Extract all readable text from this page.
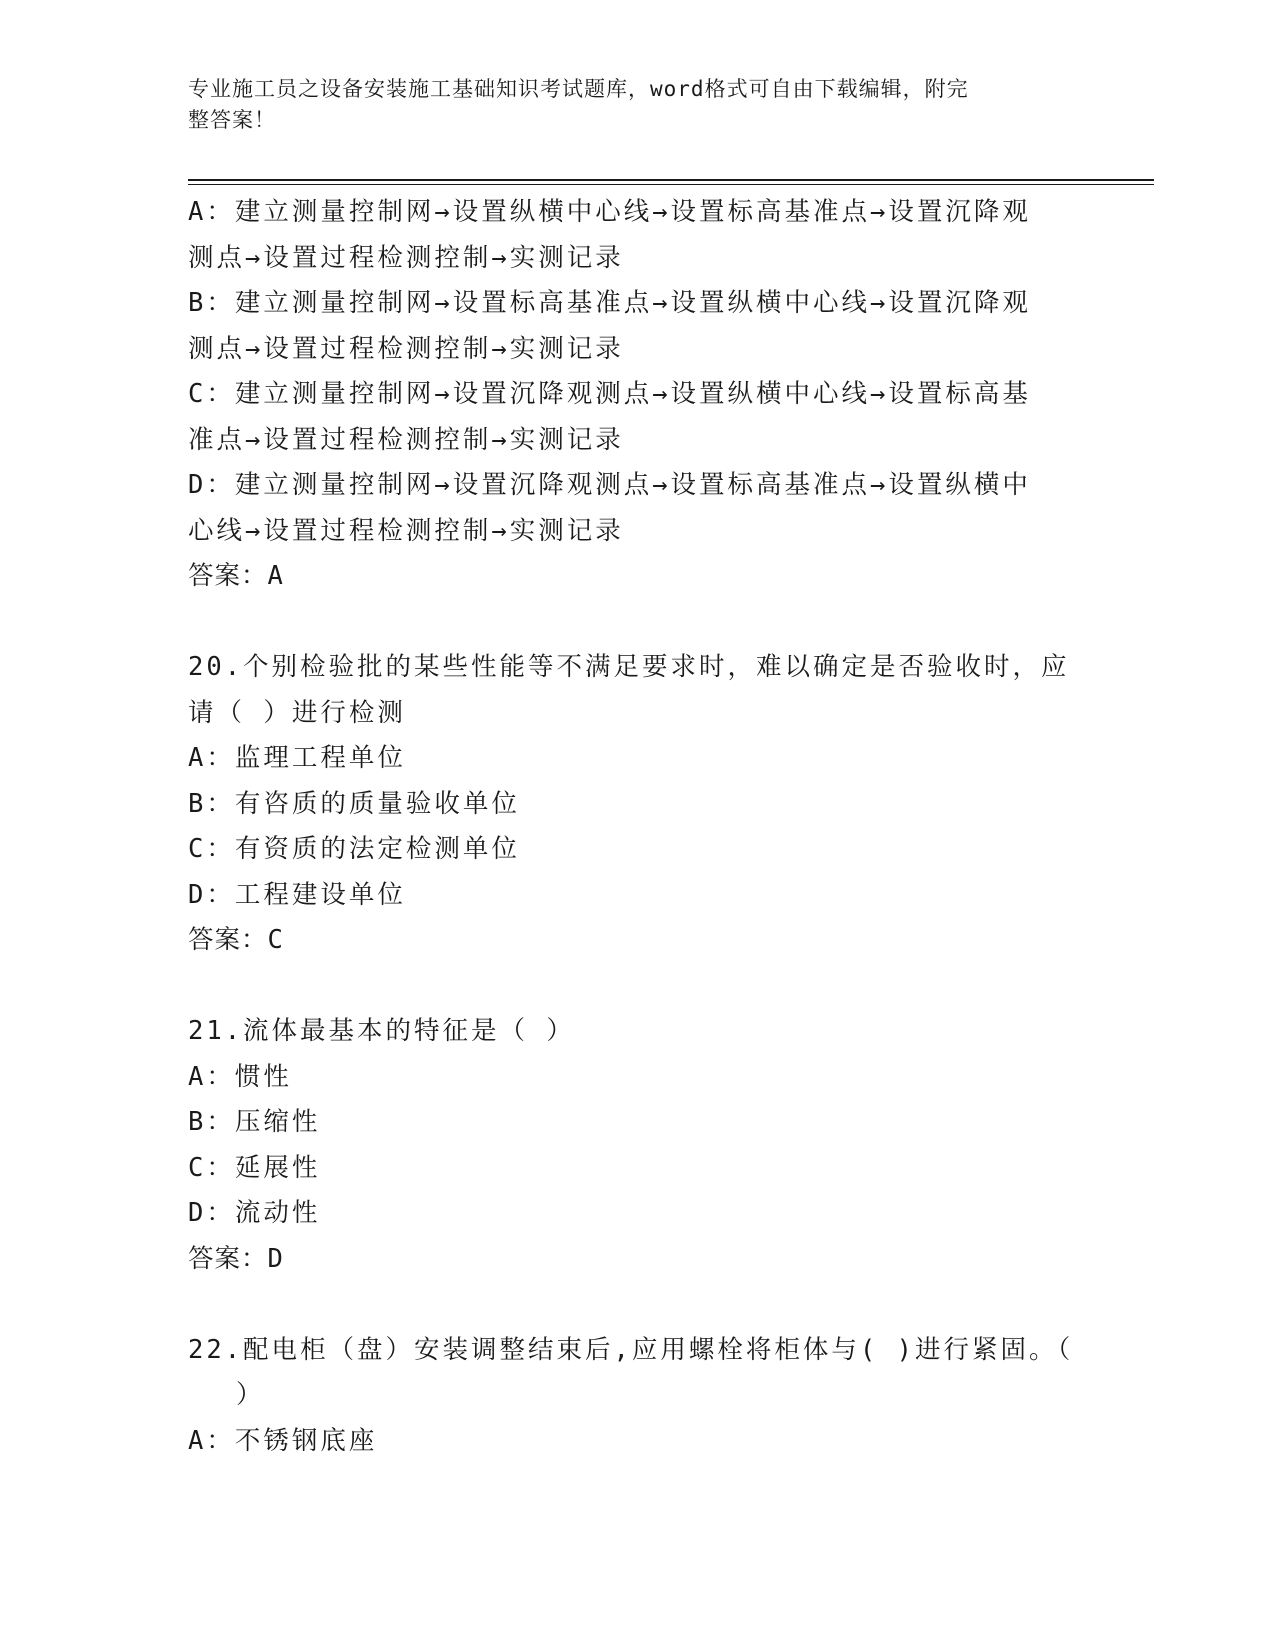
专业施工员之设备安装施工基础知识考试题库，word格式可自由下载编辑，附完
整答案！
A：建立测量控制网→设置纵横中心线→设置标高基准点→设置沉降观
测点→设置过程检测控制→实测记录
B：建立测量控制网→设置标高基准点→设置纵横中心线→设置沉降观
测点→设置过程检测控制→实测记录
C：建立测量控制网→设置沉降观测点→设置纵横中心线→设置标高基
准点→设置过程检测控制→实测记录
D：建立测量控制网→设置沉降观测点→设置标高基准点→设置纵横中
心线→设置过程检测控制→实测记录
答案：A
20.个别检验批的某些性能等不满足要求时，难以确定是否验收时，应
请（ ）进行检测
A：监理工程单位
B：有咨质的质量验收单位
C：有资质的法定检测单位
D：工程建设单位
答案：C
21.流体最基本的特征是（ ）
A：惯性
B：压缩性
C：延展性
D：流动性
答案：D
22.配电柜（盘）安装调整结束后,应用螺栓将柜体与( )进行紧固。（
）
A：不锈钢底座
